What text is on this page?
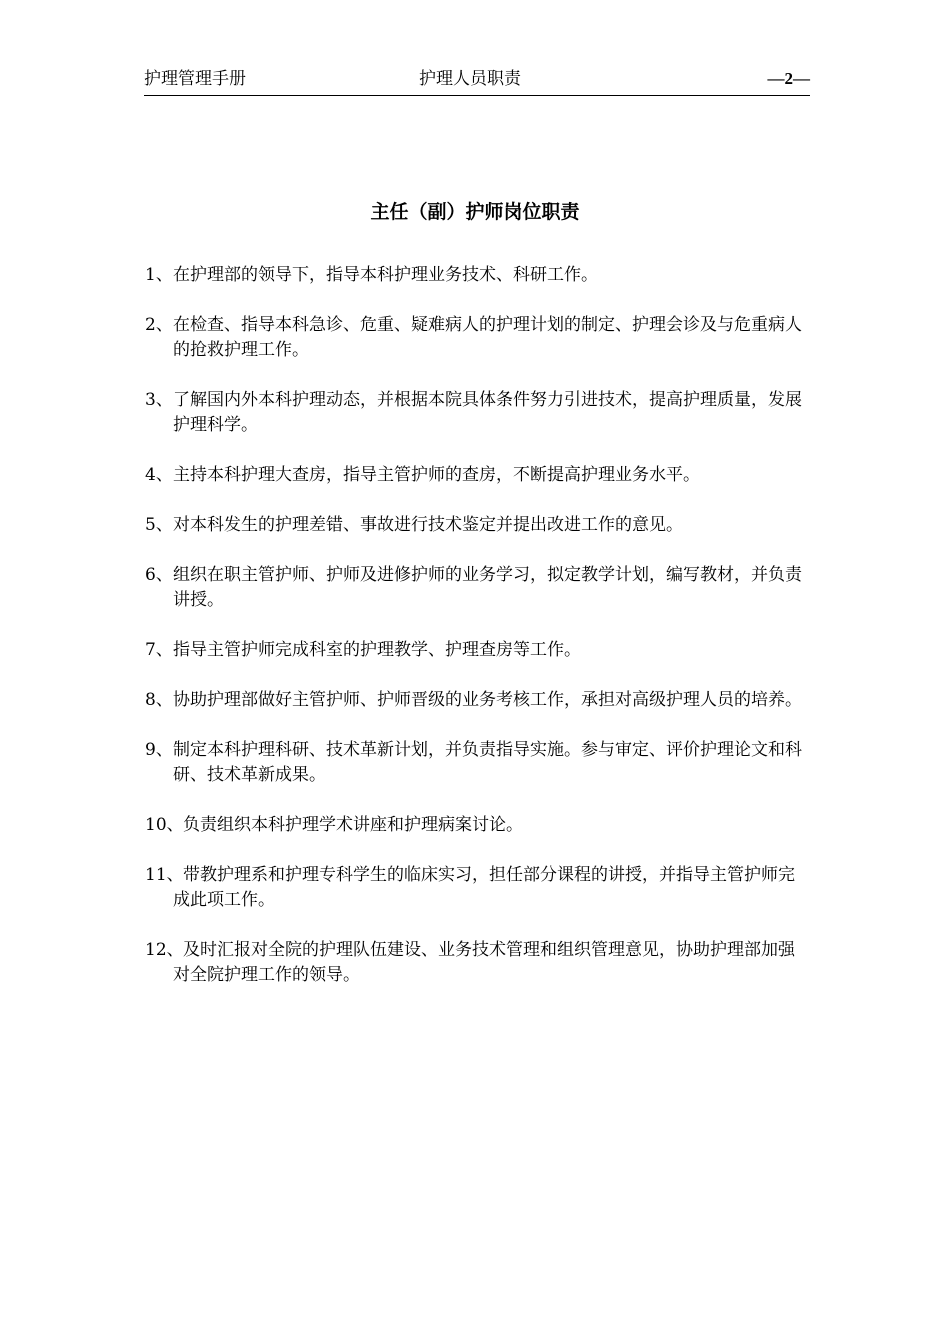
护理管理手册	护理人员职责	—2—
主任（副）护师岗位职责
1、 在护理部的领导下，指导本科护理业务技术、科研工作。
2、 在检查、指导本科急诊、危重、疑难病人的护理计划的制定、护理会诊及与危重病人的抢救护理工作。
3、 了解国内外本科护理动态，并根据本院具体条件努力引进技术，提高护理质量，发展护理科学。
4、 主持本科护理大查房，指导主管护师的查房，不断提高护理业务水平。
5、 对本科发生的护理差错、事故进行技术鉴定并提出改进工作的意见。
6、 组织在职主管护师、护师及进修护师的业务学习，拟定教学计划，编写教材，并负责讲授。
7、 指导主管护师完成科室的护理教学、护理查房等工作。
8、 协助护理部做好主管护师、护师晋级的业务考核工作，承担对高级护理人员的培养。
9、 制定本科护理科研、技术革新计划，并负责指导实施。参与审定、评价护理论文和科研、技术革新成果。
10、 负责组织本科护理学术讲座和护理病案讨论。
11、 带教护理系和护理专科学生的临床实习，担任部分课程的讲授，并指导主管护师完成此项工作。
12、 及时汇报对全院的护理队伍建设、业务技术管理和组织管理意见，协助护理部加强对全院护理工作的领导。
